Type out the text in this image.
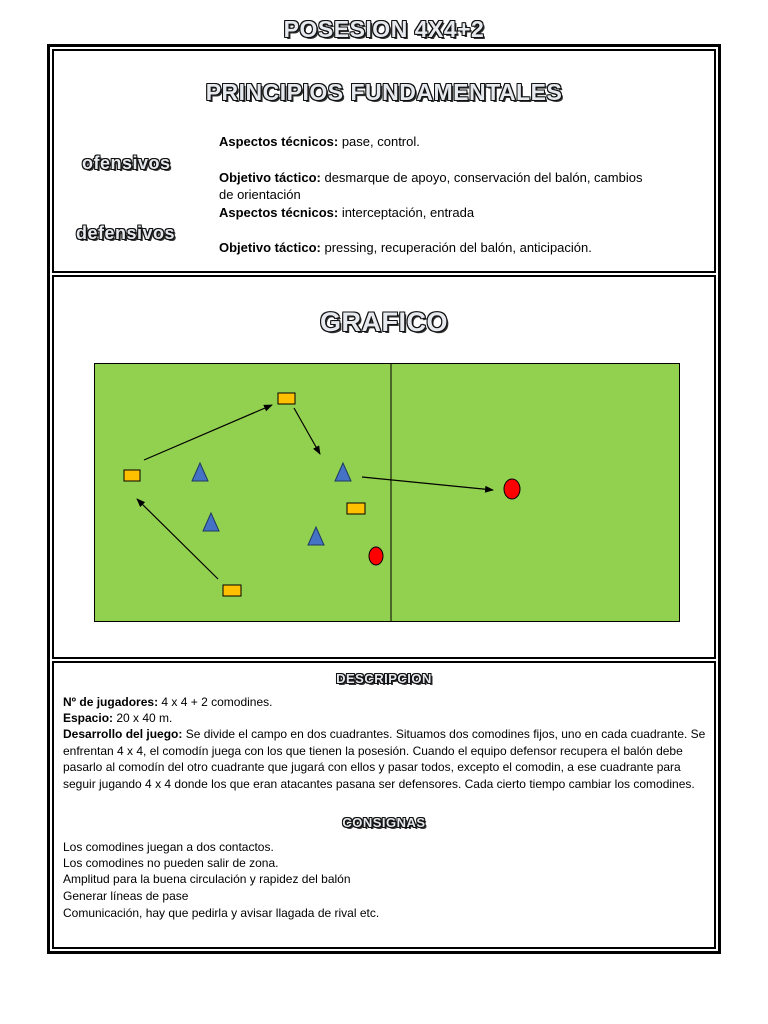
POSESION 4X4+2
PRINCIPIOS FUNDAMENTALES
ofensivos
defensivos
Aspectos técnicos: pase, control.
Objetivo táctico: desmarque de apoyo, conservación del balón, cambios de orientación
Aspectos técnicos: interceptación, entrada
Objetivo táctico: pressing, recuperación del balón, anticipación.
GRAFICO
DESCRIPCION
Nº de jugadores: 4 x 4 + 2 comodines.
Espacio: 20 x 40 m.
Desarrollo del juego: Se divide el campo en dos cuadrantes. Situamos dos comodines fijos, uno en cada cuadrante. Se enfrentan 4 x 4, el comodín juega con los que tienen la posesión. Cuando el equipo defensor recupera el balón debe pasarlo al comodín del otro cuadrante que jugará con ellos y pasar todos, excepto el comodin, a ese cuadrante para seguir jugando 4 x 4 donde los que eran atacantes pasana ser defensores. Cada cierto tiempo cambiar los comodines.
CONSIGNAS
Los comodines juegan a dos contactos.
Los comodines no pueden salir de zona.
Amplitud para la buena circulación y rapidez del balón
Generar líneas de pase
Comunicación, hay que pedirla y avisar llagada de rival etc.
